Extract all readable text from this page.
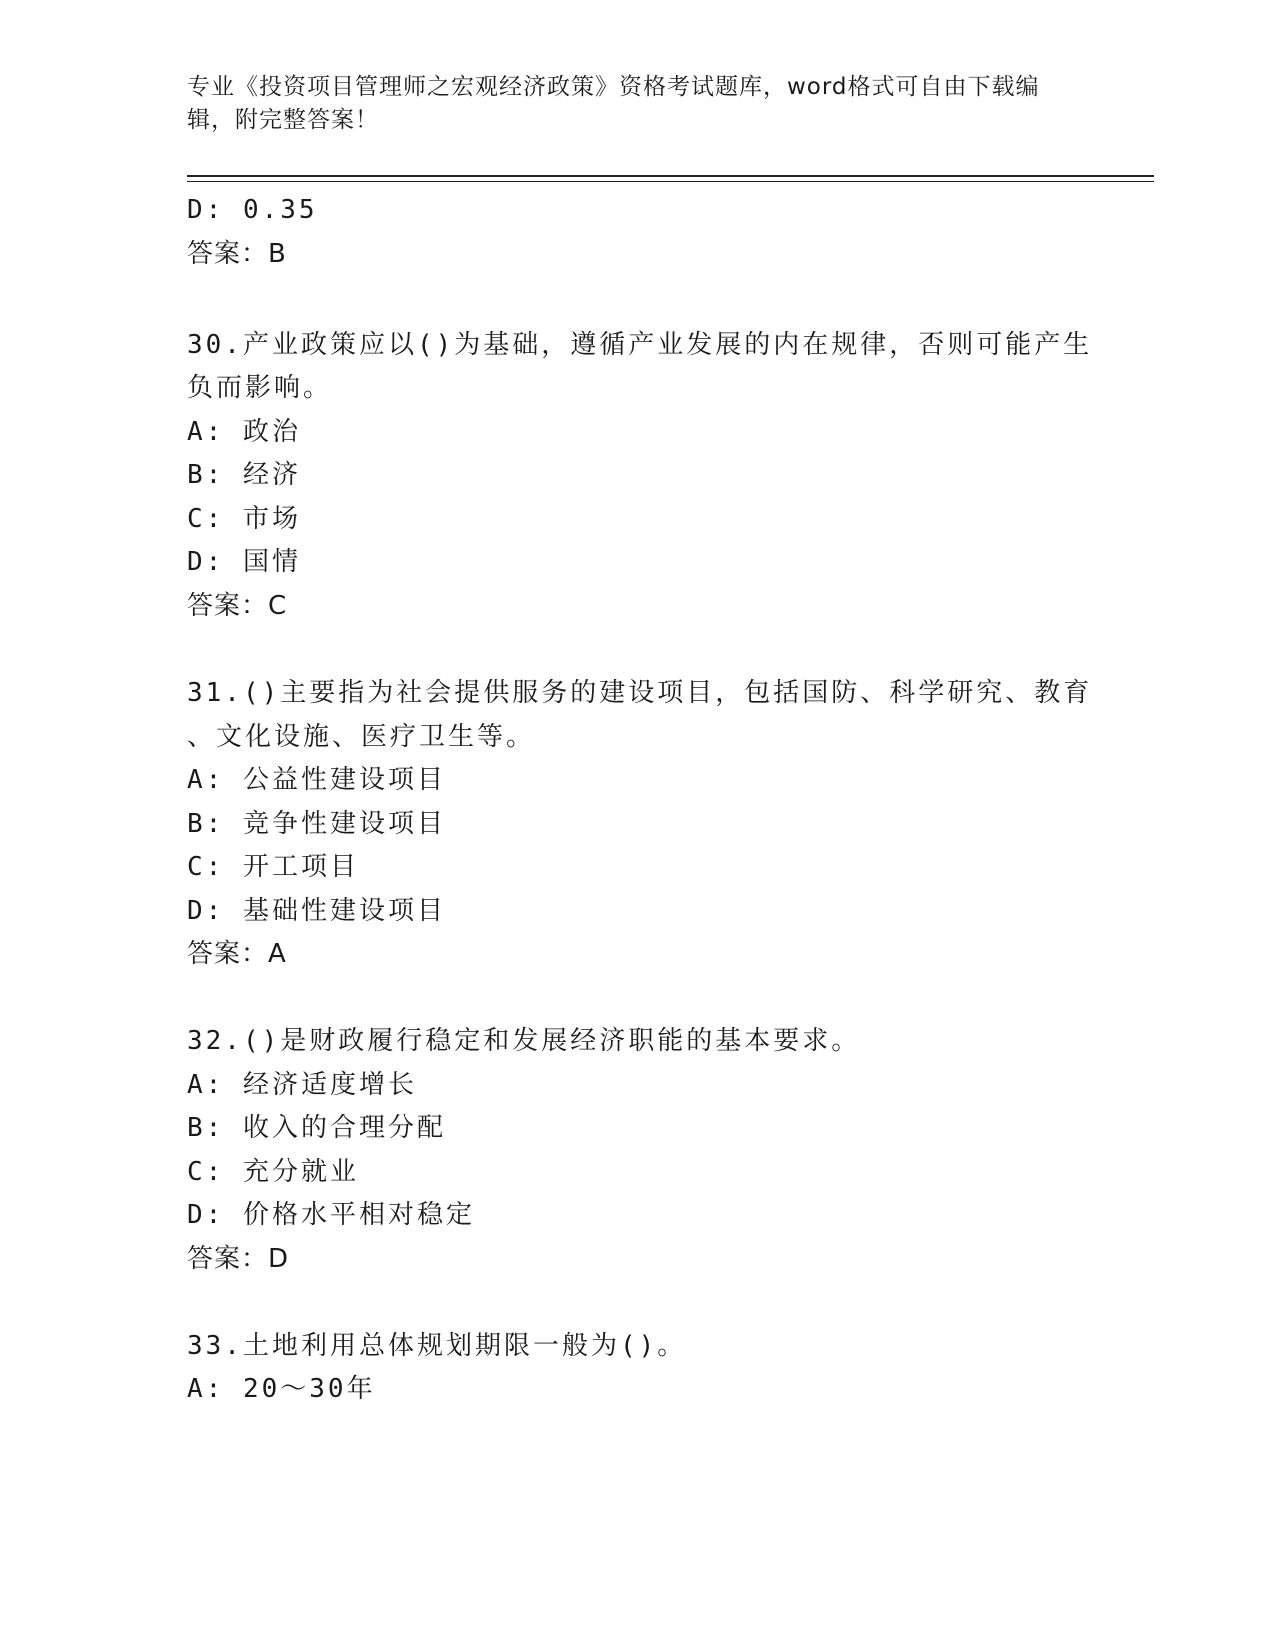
专业《投资项目管理师之宏观经济政策》资格考试题库，word格式可自由下载编
辑，附完整答案！
D: 0.35
答案：B
30.产业政策应以()为基础，遵循产业发展的内在规律，否则可能产生
负而影响。
A: 政治
B: 经济
C: 市场
D: 国情
答案：C
31.()主要指为社会提供服务的建设项目，包括国防、科学研究、教育
、文化设施、医疗卫生等。
A: 公益性建设项目
B: 竞争性建设项目
C: 开工项目
D: 基础性建设项目
答案：A
32.()是财政履行稳定和发展经济职能的基本要求。
A: 经济适度增长
B: 收入的合理分配
C: 充分就业
D: 价格水平相对稳定
答案：D
33.土地利用总体规划期限一般为()。
A: 20～30年
